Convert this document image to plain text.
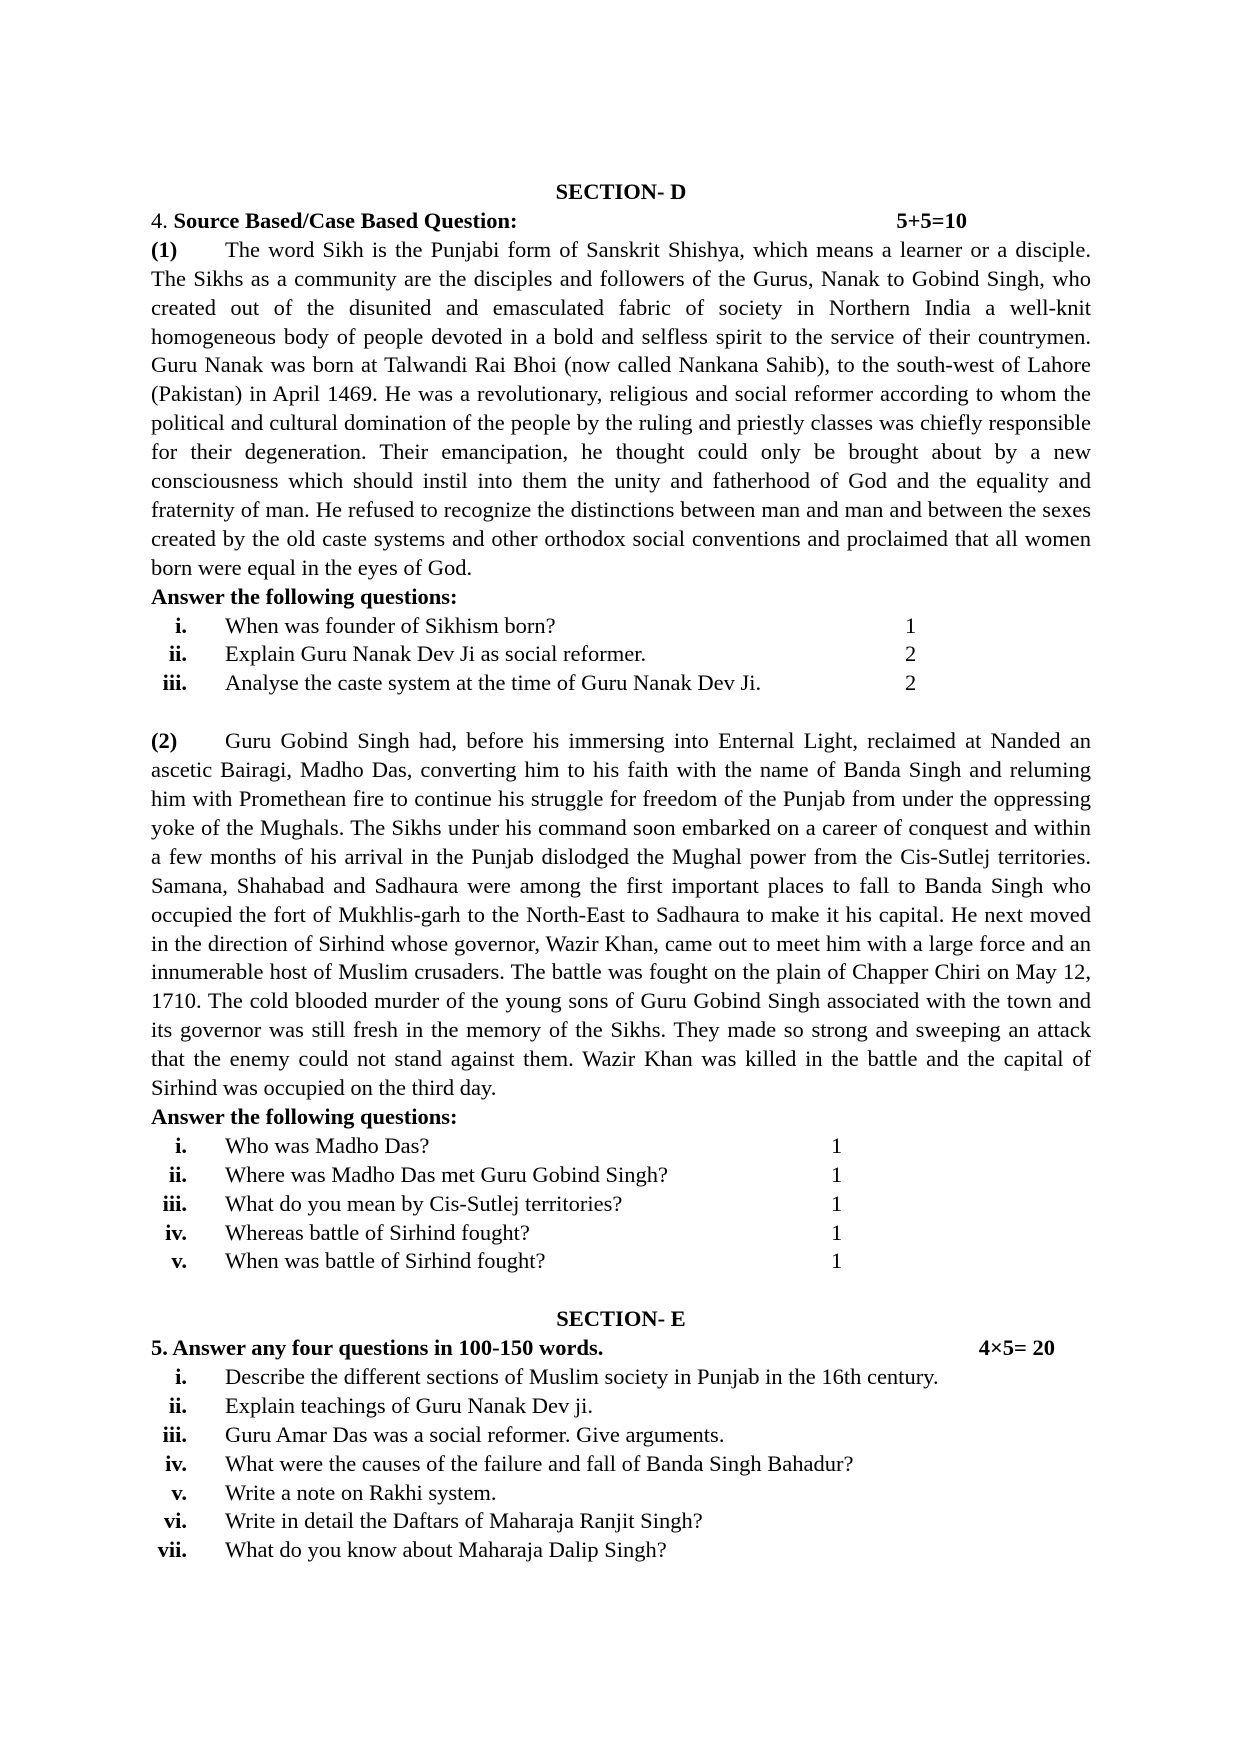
SECTION- D
4. Source Based/Case Based Question:	5+5=10
(1) The word Sikh is the Punjabi form of Sanskrit Shishya, which means a learner or a disciple. The Sikhs as a community are the disciples and followers of the Gurus, Nanak to Gobind Singh, who created out of the disunited and emasculated fabric of society in Northern India a well-knit homogeneous body of people devoted in a bold and selfless spirit to the service of their countrymen. Guru Nanak was born at Talwandi Rai Bhoi (now called Nankana Sahib), to the south-west of Lahore (Pakistan) in April 1469. He was a revolutionary, religious and social reformer according to whom the political and cultural domination of the people by the ruling and priestly classes was chiefly responsible for their degeneration. Their emancipation, he thought could only be brought about by a new consciousness which should instil into them the unity and fatherhood of God and the equality and fraternity of man. He refused to recognize the distinctions between man and man and between the sexes created by the old caste systems and other orthodox social conventions and proclaimed that all women born were equal in the eyes of God.
Answer the following questions:
i. When was founder of Sikhism born?	1
ii. Explain Guru Nanak Dev Ji as social reformer.	2
iii. Analyse the caste system at the time of Guru Nanak Dev Ji.	2
(2) Guru Gobind Singh had, before his immersing into Enternal Light, reclaimed at Nanded an ascetic Bairagi, Madho Das, converting him to his faith with the name of Banda Singh and reluming him with Promethean fire to continue his struggle for freedom of the Punjab from under the oppressing yoke of the Mughals. The Sikhs under his command soon embarked on a career of conquest and within a few months of his arrival in the Punjab dislodged the Mughal power from the Cis-Sutlej territories. Samana, Shahabad and Sadhaura were among the first important places to fall to Banda Singh who occupied the fort of Mukhlis-garh to the North-East to Sadhaura to make it his capital. He next moved in the direction of Sirhind whose governor, Wazir Khan, came out to meet him with a large force and an innumerable host of Muslim crusaders. The battle was fought on the plain of Chapper Chiri on May 12, 1710. The cold blooded murder of the young sons of Guru Gobind Singh associated with the town and its governor was still fresh in the memory of the Sikhs. They made so strong and sweeping an attack that the enemy could not stand against them. Wazir Khan was killed in the battle and the capital of Sirhind was occupied on the third day.
Answer the following questions:
i. Who was Madho Das?	1
ii. Where was Madho Das met Guru Gobind Singh?	1
iii. What do you mean by Cis-Sutlej territories?	1
iv. Whereas battle of Sirhind fought?	1
v. When was battle of Sirhind fought?	1
SECTION- E
5. Answer any four questions in 100-150 words.	4×5= 20
i. Describe the different sections of Muslim society in Punjab in the 16th century.
ii. Explain teachings of Guru Nanak Dev ji.
iii. Guru Amar Das was a social reformer. Give arguments.
iv. What were the causes of the failure and fall of Banda Singh Bahadur?
v. Write a note on Rakhi system.
vi. Write in detail the Daftars of Maharaja Ranjit Singh?
vii. What do you know about Maharaja Dalip Singh?
